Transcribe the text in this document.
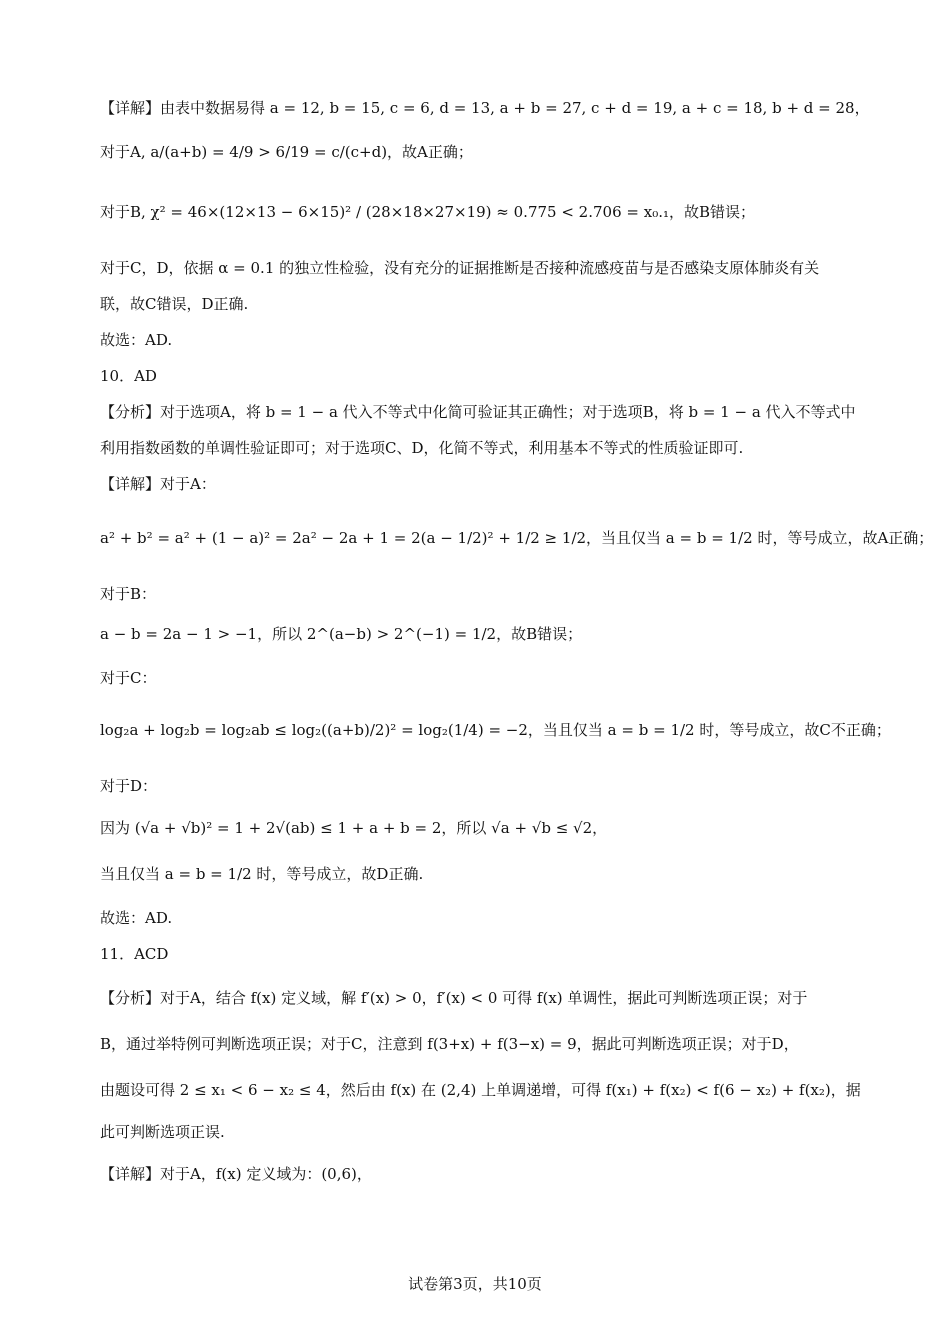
【详解】由表中数据易得 a = 12, b = 15, c = 6, d = 13, a + b = 27, c + d = 19, a + c = 18, b + d = 28，
对于A, a/(a+b) = 4/9 > 6/19 = c/(c+d)，故A正确；
对于B, χ² = 46×(12×13 − 6×15)² / (28×18×27×19) ≈ 0.775 < 2.706 = x₀.₁，故B错误；
对于C，D，依据 α = 0.1 的独立性检验，没有充分的证据推断是否接种流感疫苗与是否感染支原体肺炎有关
联，故C错误，D正确.
故选：AD.
10．AD
【分析】对于选项A，将 b = 1 − a 代入不等式中化简可验证其正确性；对于选项B，将 b = 1 − a 代入不等式中
利用指数函数的单调性验证即可；对于选项C、D，化简不等式，利用基本不等式的性质验证即可.
【详解】对于A：
a² + b² = a² + (1 − a)² = 2a² − 2a + 1 = 2(a − 1/2)² + 1/2 ≥ 1/2，当且仅当 a = b = 1/2 时，等号成立，故A正确；
对于B：
a − b = 2a − 1 > −1，所以 2^(a−b) > 2^(−1) = 1/2，故B错误；
对于C：
log₂a + log₂b = log₂ab ≤ log₂((a+b)/2)² = log₂(1/4) = −2，当且仅当 a = b = 1/2 时，等号成立，故C不正确；
对于D：
因为 (√a + √b)² = 1 + 2√(ab) ≤ 1 + a + b = 2，所以 √a + √b ≤ √2，
当且仅当 a = b = 1/2 时，等号成立，故D正确.
故选：AD.
11．ACD
【分析】对于A，结合 f(x) 定义域，解 f′(x) > 0，f′(x) < 0 可得 f(x) 单调性，据此可判断选项正误；对于
B，通过举特例可判断选项正误；对于C，注意到 f(3+x) + f(3−x) = 9，据此可判断选项正误；对于D，
由题设可得 2 ≤ x₁ < 6 − x₂ ≤ 4，然后由 f(x) 在 (2,4) 上单调递增，可得 f(x₁) + f(x₂) < f(6 − x₂) + f(x₂)，据
此可判断选项正误.
【详解】对于A，f(x) 定义域为：(0,6)，
试卷第3页，共10页
